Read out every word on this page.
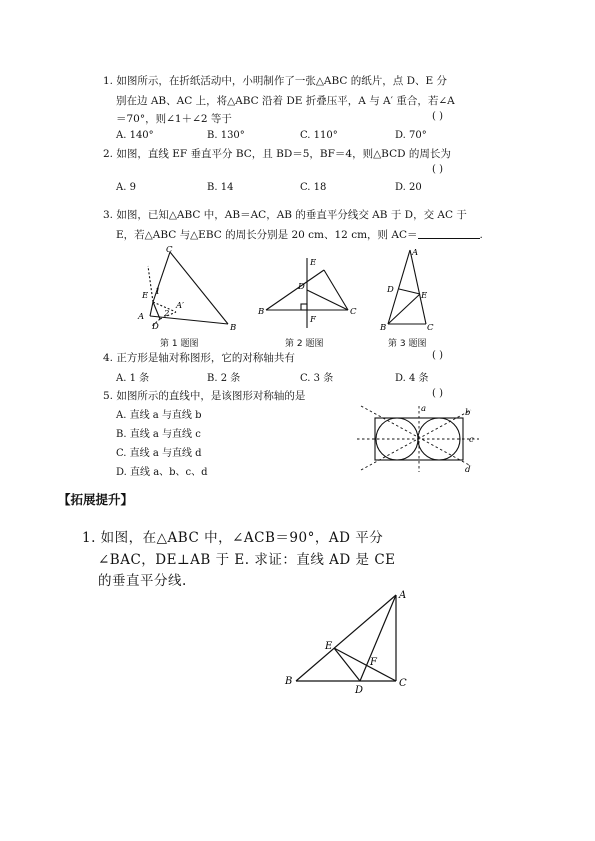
1. 如图所示，在折纸活动中，小明制作了一张△ABC 的纸片，点 D、E 分
别在边 AB、AC 上，将△ABC 沿着 DE 折叠压平，A 与 A′ 重合，若∠A
＝70°，则∠1＋∠2 等于	( )
A. 140°	B. 130°	C. 110°	D. 70°
2. 如图，直线 EF 垂直平分 BC，且 BD＝5，BF＝4，则△BCD 的周长为
( )
A. 9	B. 14	C. 18	D. 20
3. 如图，已知△ABC 中，AB＝AC，AB 的垂直平分线交 AB 于 D，交 AC 于
E，若△ABC 与△EBC 的周长分别是 20 cm、12 cm，则 AC＝	.
C
E 1
A′
A 2
D	B
第 1 题图
E
D
B
F
C
第 2 题图
A
D
E
B	C
第 3 题图
4. 正方形是轴对称图形，它的对称轴共有	( )
A. 1 条	B. 2 条	C. 3 条	D. 4 条
5. 如图所示的直线中，是该图形对称轴的是	( )
A. 直线 a 与直线 b
B. 直线 a 与直线 c
C. 直线 a 与直线 d
D. 直线 a、b、c、d
a	b
c
d
【拓展提升】
1. 如图，在△ABC 中，∠ACB＝90°，AD 平分
∠BAC，DE⊥AB 于 E. 求证：直线 AD 是 CE
的垂直平分线.
A
E
F
B
D
C
